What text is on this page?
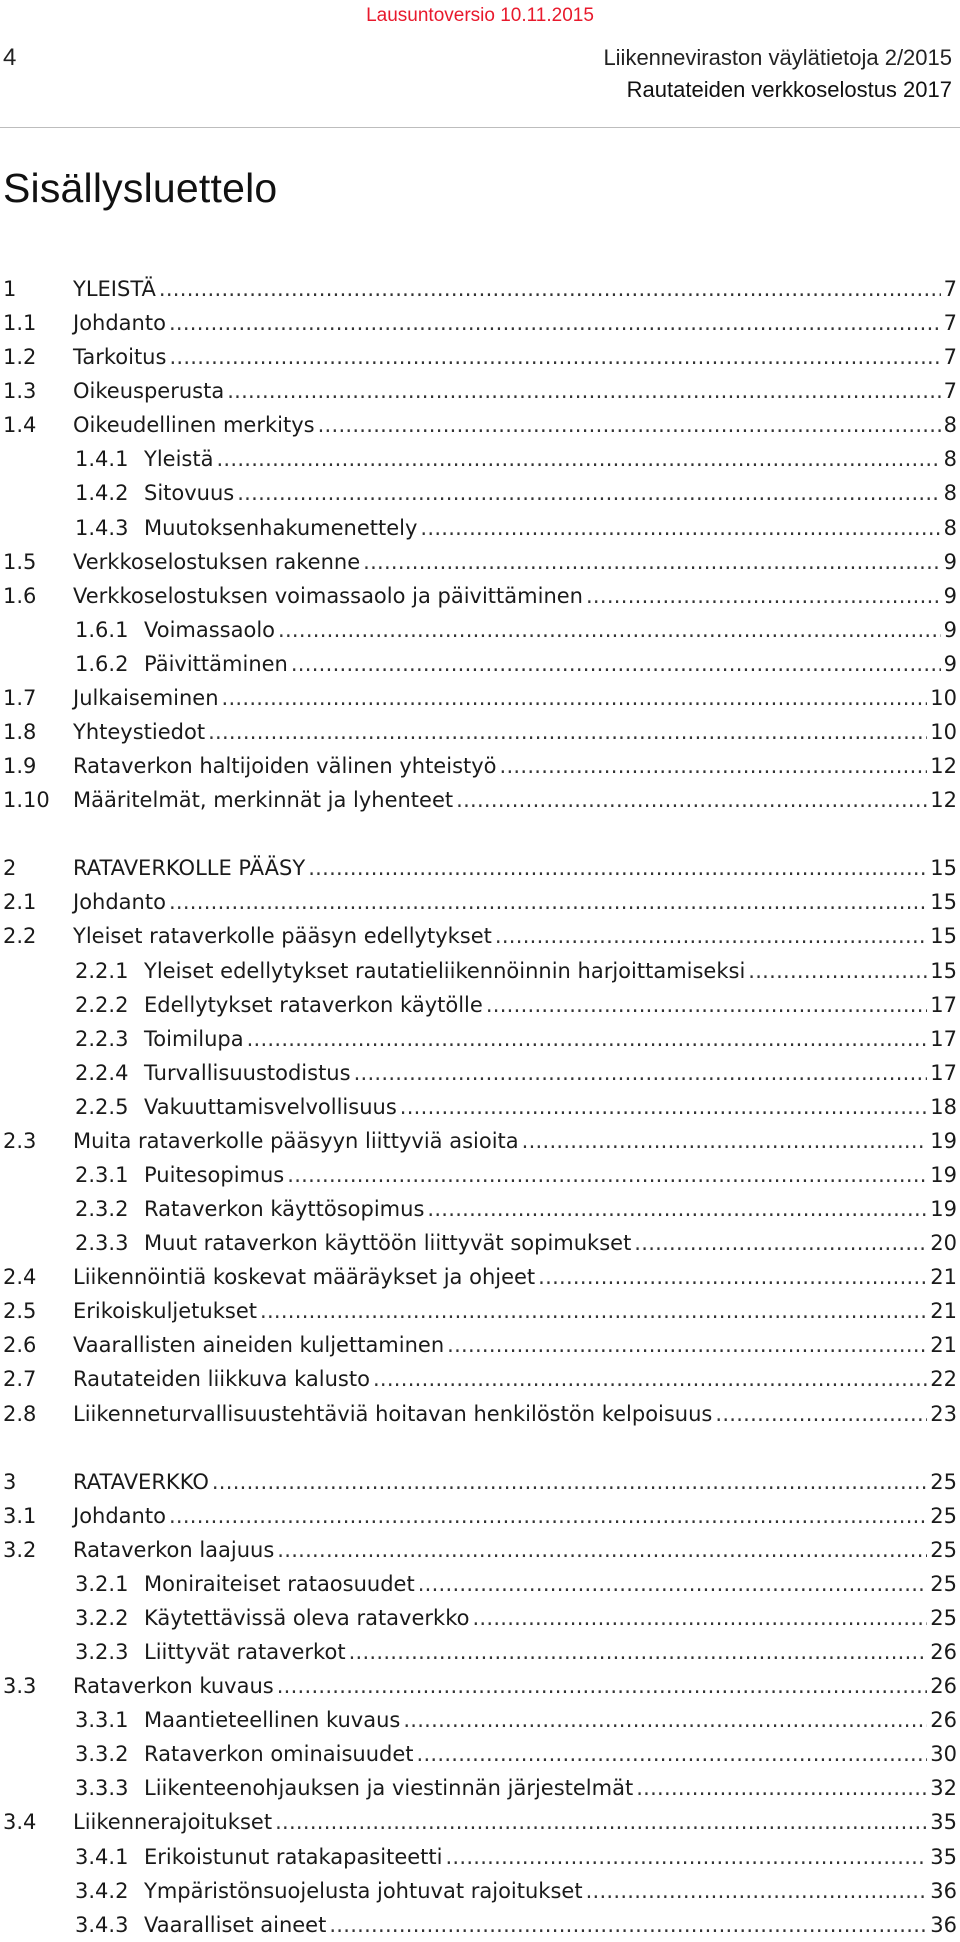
Lausuntoversio 10.11.2015
4	Liikenneviraston väylätietoja 2/2015
Rautateiden verkkoselostus 2017
Sisällysluettelo
1	YLEISTÄ . . .	7
1.1 Johdanto . . .	7
1.2 Tarkoitus . . .	7
1.3 Oikeusperusta . . .	7
1.4 Oikeudellinen merkitys . . .	8
1.4.1 Yleistä . . .	8
1.4.2 Sitovuus . . .	8
1.4.3 Muutoksenhakumenettely . . .	8
1.5 Verkkoselostuksen rakenne . . .	9
1.6 Verkkoselostuksen voimassaolo ja päivittäminen . . .	9
1.6.1 Voimassaolo . . .	9
1.6.2 Päivittäminen . . .	9
1.7 Julkaiseminen . . .	10
1.8 Yhteystiedot . . .	10
1.9 Rataverkon haltijoiden välinen yhteistyö . . .	12
1.10 Määritelmät, merkinnät ja lyhenteet . . .	12
2	RATAVERKOLLE PÄÄSY . . .	15
2.1 Johdanto . . .	15
2.2 Yleiset rataverkolle pääsyn edellytykset . . .	15
2.2.1 Yleiset edellytykset rautatieliikennöinnin harjoittamiseksi . . .	15
2.2.2 Edellytykset rataverkon käytölle . . .	17
2.2.3 Toimilupa . . .	17
2.2.4 Turvallisuustodistus . . .	17
2.2.5 Vakuuttamisvelvollisuus . . .	18
2.3 Muita rataverkolle pääsyyn liittyviä asioita . . .	19
2.3.1 Puitesopimus . . .	19
2.3.2 Rataverkon käyttösopimus . . .	19
2.3.3 Muut rataverkon käyttöön liittyvät sopimukset . . .	20
2.4 Liikennöintiä koskevat määräykset ja ohjeet . . .	21
2.5 Erikoiskuljetukset . . .	21
2.6 Vaarallisten aineiden kuljettaminen . . .	21
2.7 Rautateiden liikkuva kalusto . . .	22
2.8 Liikenneturvallisuustehtäviä hoitavan henkilöstön kelpoisuus . . .	23
3	RATAVERKKO . . .	25
3.1 Johdanto . . .	25
3.2 Rataverkon laajuus . . .	25
3.2.1 Moniraiteiset rataosuudet . . .	25
3.2.2 Käytettävissä oleva rataverkko . . .	25
3.2.3 Liittyvät rataverkot . . .	26
3.3 Rataverkon kuvaus . . .	26
3.3.1 Maantieteellinen kuvaus . . .	26
3.3.2 Rataverkon ominaisuudet . . .	30
3.3.3 Liikenteenohjauksen ja viestinnän järjestelmät . . .	32
3.4 Liikennerajoitukset . . .	35
3.4.1 Erikoistunut ratakapasiteetti . . .	35
3.4.2 Ympäristönsuojelusta johtuvat rajoitukset . . .	36
3.4.3 Vaaralliset aineet . . .	36
